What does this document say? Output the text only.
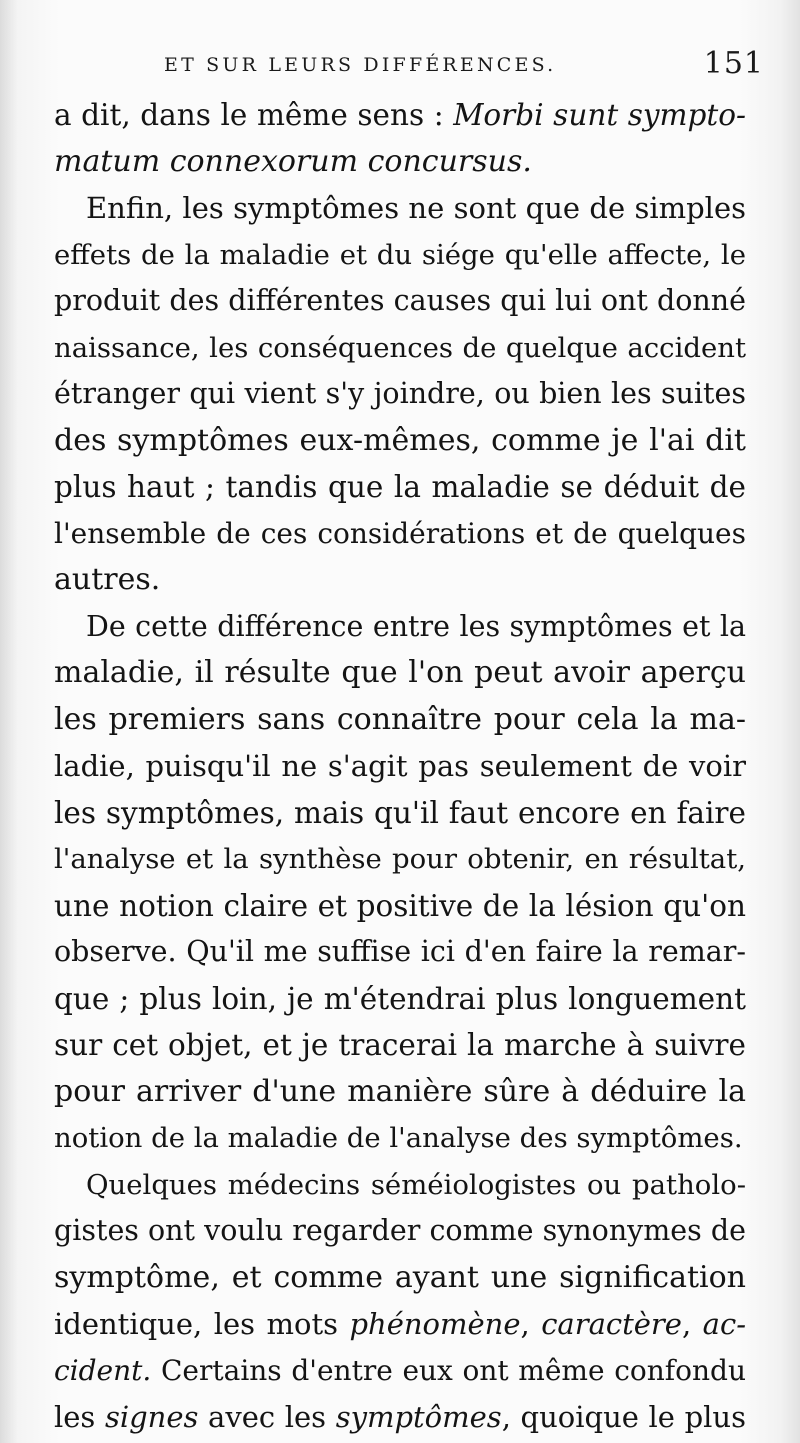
ET SUR LEURS DIFFÉRENCES.	151
a dit, dans le même sens : Morbi sunt sympto-
matum connexorum concursus.
Enfin, les symptômes ne sont que de simples
effets de la maladie et du siége qu'elle affecte, le
produit des différentes causes qui lui ont donné
naissance, les conséquences de quelque accident
étranger qui vient s'y joindre, ou bien les suites
des symptômes eux-mêmes, comme je l'ai dit
plus haut ; tandis que la maladie se déduit de
l'ensemble de ces considérations et de quelques
autres.
De cette différence entre les symptômes et la
maladie, il résulte que l'on peut avoir aperçu
les premiers sans connaître pour cela la ma-
ladie, puisqu'il ne s'agit pas seulement de voir
les symptômes, mais qu'il faut encore en faire
l'analyse et la synthèse pour obtenir, en résultat,
une notion claire et positive de la lésion qu'on
observe. Qu'il me suffise ici d'en faire la remar-
que ; plus loin, je m'étendrai plus longuement
sur cet objet, et je tracerai la marche à suivre
pour arriver d'une manière sûre à déduire la
notion de la maladie de l'analyse des symptômes.
Quelques médecins séméiologistes ou patholo-
gistes ont voulu regarder comme synonymes de
symptôme, et comme ayant une signification
identique, les mots phénomène, caractère, ac-
cident. Certains d'entre eux ont même confondu
les signes avec les symptômes, quoique le plus
